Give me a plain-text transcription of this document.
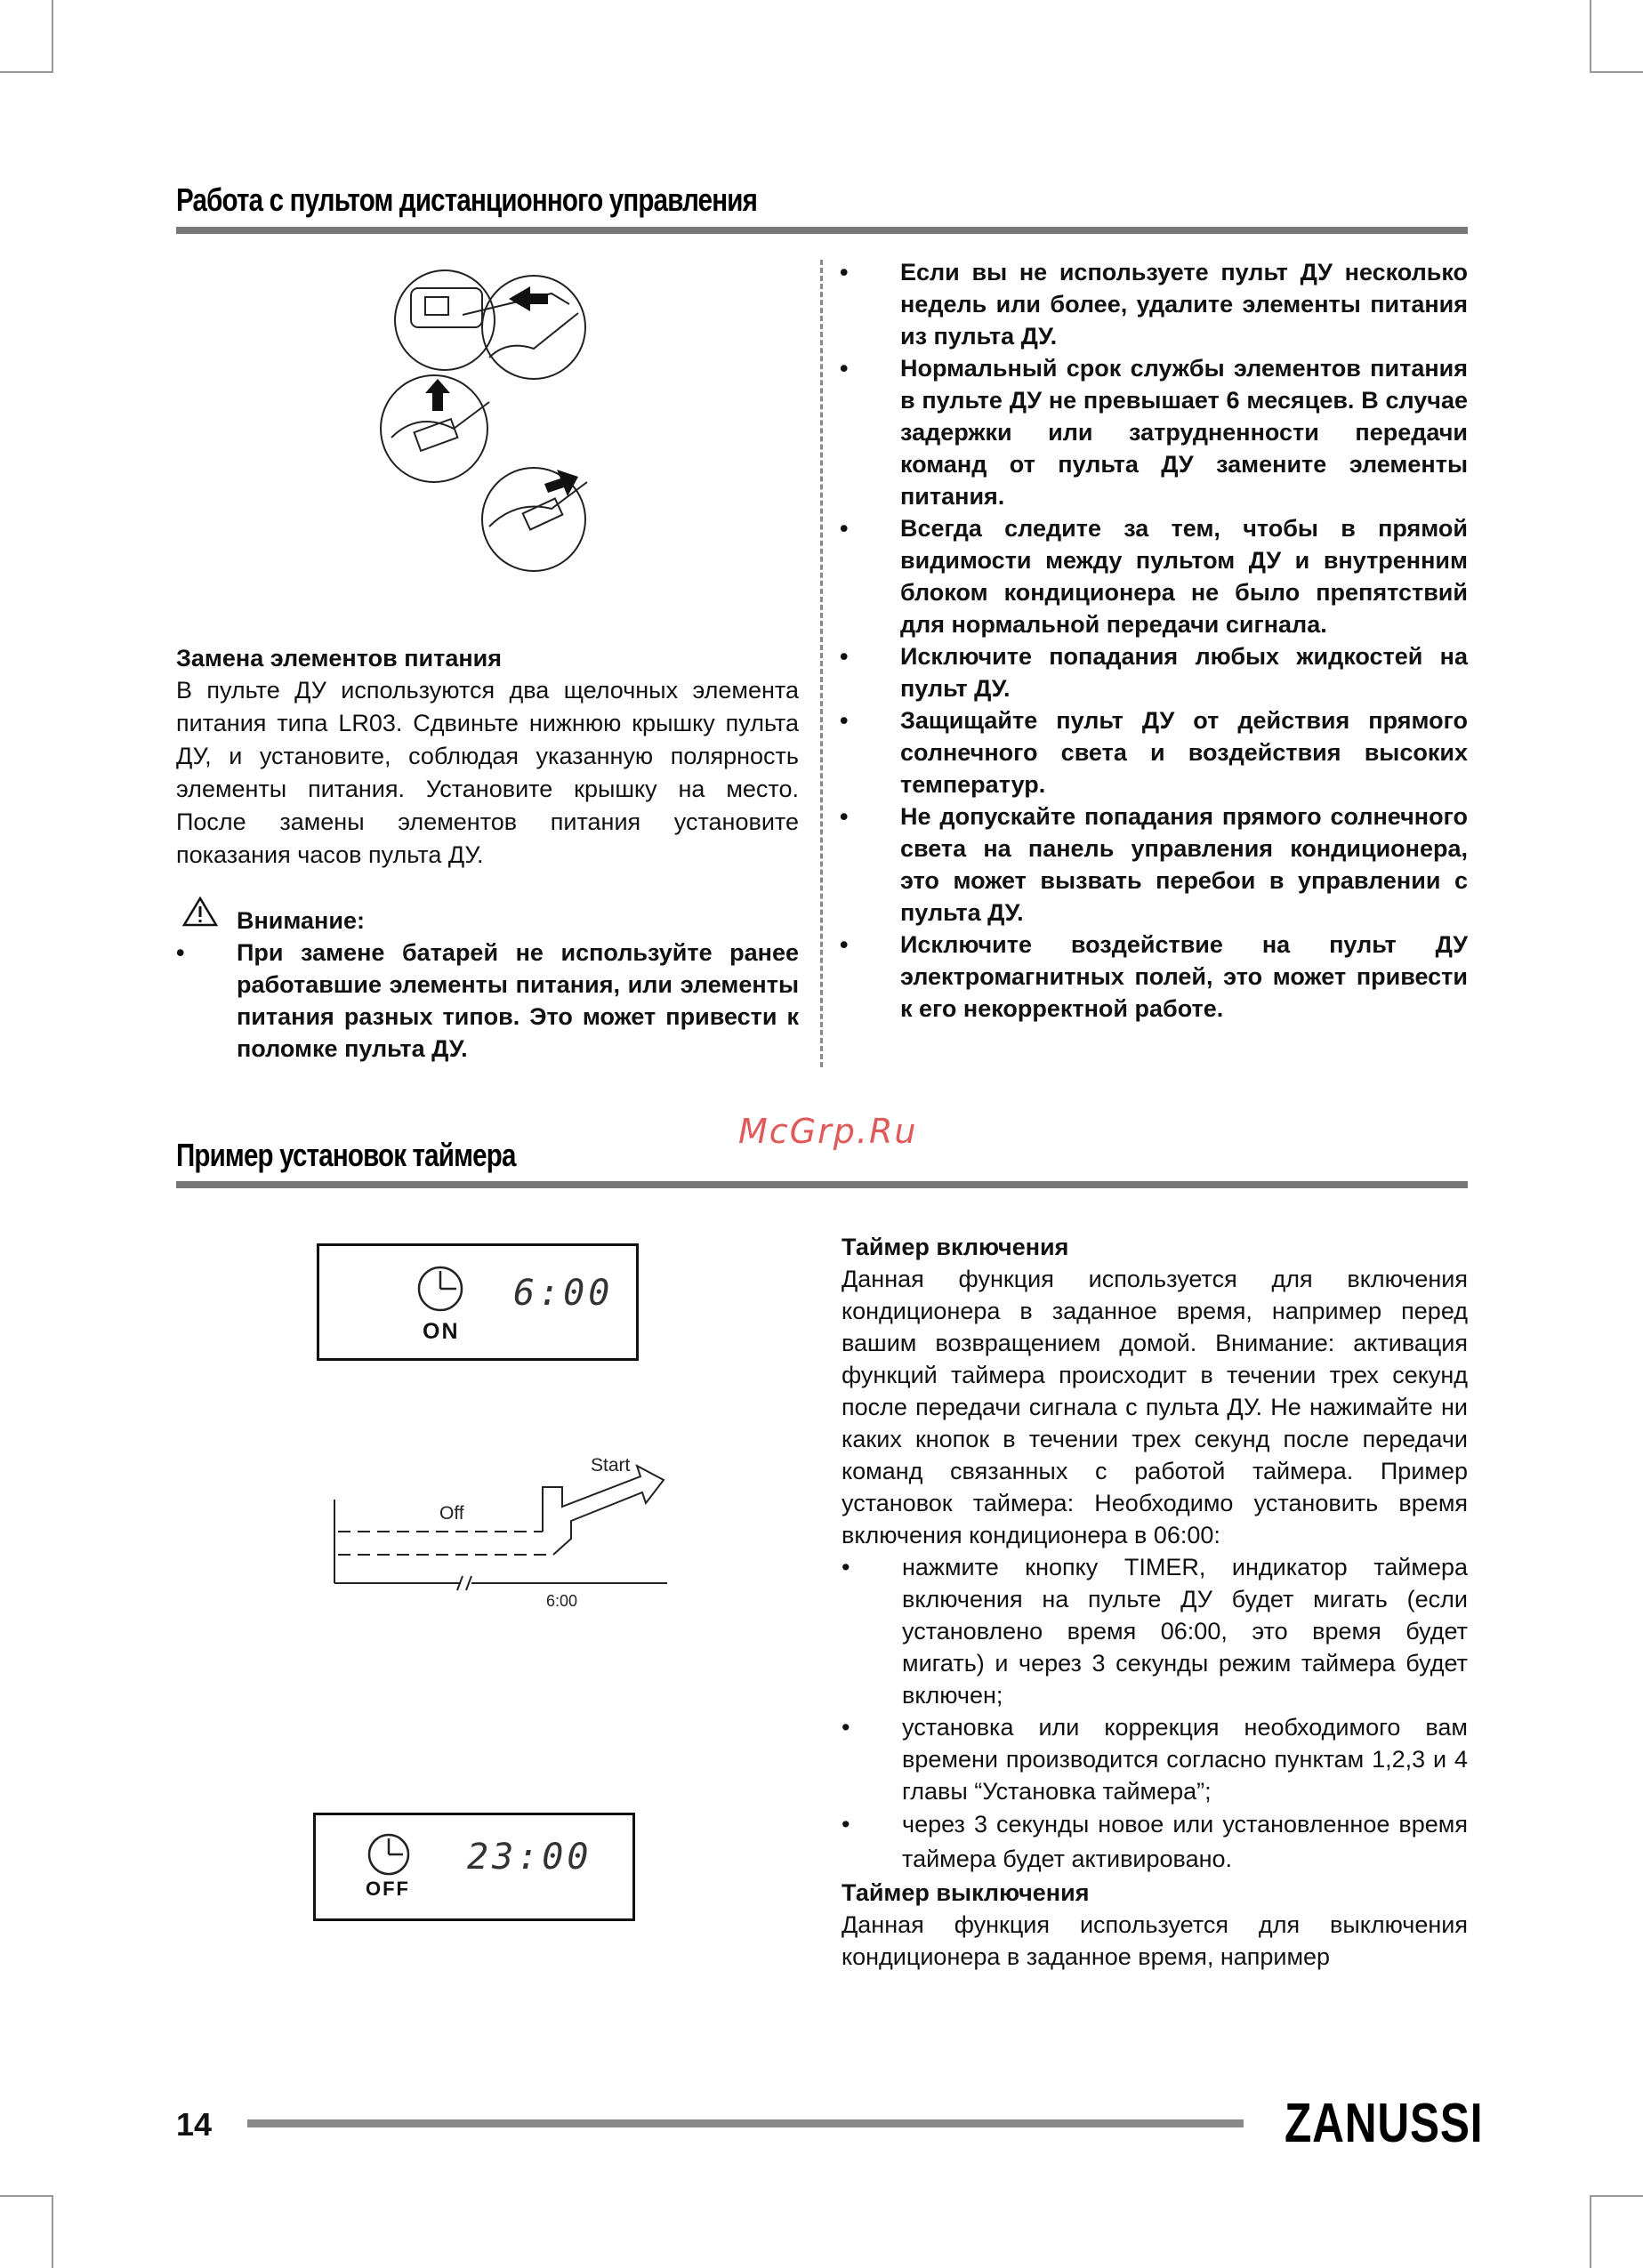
Работа с пультом дистанционного управления
Замена элементов питания

В пульте ДУ используются два щелочных элемента питания типа LR03. Сдвиньте нижнюю крышку пульта ДУ, и установите, соблюдая указанную полярность элементы питания. Установите крышку на место. После замены элементов питания установите показания часов пульта ДУ.

Внимание:
• При замене батарей не используйте ранее работавшие элементы питания, или элементы питания разных типов. Это может привести к поломке пульта ДУ.
• Если вы не используете пульт ДУ несколько недель или более, удалите элементы питания из пульта ДУ.
• Нормальный срок службы элементов питания в пульте ДУ не превышает 6 месяцев. В случае задержки или затрудненности передачи команд от пульта ДУ замените элементы питания.
• Всегда следите за тем, чтобы в прямой видимости между пультом ДУ и внутренним блоком кондиционера не было препятствий для нормальной передачи сигнала.
• Исключите попадания любых жидкостей на пульт ДУ.
• Защищайте пульт ДУ от действия прямого солнечного света и воздействия высоких температур.
• Не допускайте попадания прямого солнечного света на панель управления кондиционера, это может вызвать перебои в управлении с пульта ДУ.
• Исключите воздействие на пульт ДУ электромагнитных полей, это может привести к его некорректной работе.
McGrp.Ru
Пример установок таймера
ON
6:00
Start
Off
6:00
OFF
23:00
Таймер включения

Данная функция используется для включения кондиционера в заданное время, например перед вашим возвращением домой. Внимание: активация функций таймера происходит в течении трех секунд после передачи сигнала с пульта ДУ. Не нажимайте ни каких кнопок в течении трех секунд после передачи команд связанных с работой таймера. Пример установок таймера: Необходимо установить время включения кондиционера в 06:00:

• нажмите кнопку TIMER, индикатор таймера включения на пульте ДУ будет мигать (если установлено время 06:00, это время будет мигать) и через 3 секунды режим таймера будет включен;
• установка или коррекция необходимого вам времени производится согласно пунктам 1,2,3 и 4 главы “Установка таймера”;
• через 3 секунды новое или установленное время таймера будет активировано.
Таймер выключения

Данная функция используется для выключения кондиционера в заданное время, например

14	ZANUSSI
